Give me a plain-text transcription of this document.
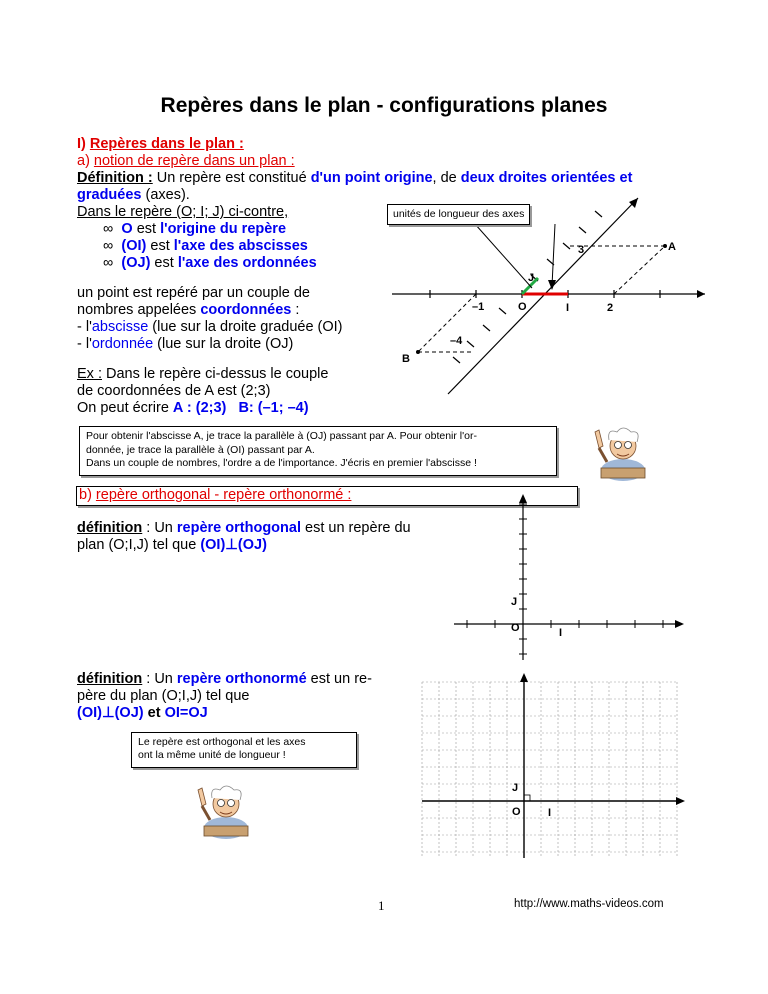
Repères dans le plan - configurations planes
I) Repères dans le plan :
a) notion de repère dans un plan :
Définition : Un repère est constitué d'un point origine, de deux droites orientées et
graduées (axes).
Dans le repère (O; I; J) ci-contre,
∞ O est l'origine du repère
∞ (OI) est l'axe des abscisses
∞ (OJ) est l'axe des ordonnées
un point est repéré par un couple de
nombres appelées coordonnées :
- l'abscisse (lue sur la droite graduée (OI)
- l'ordonnée (lue sur la droite (OJ)
Ex : Dans le repère ci-dessus le couple
de coordonnées de A est (2;3)
On peut écrire A : (2;3) B: (–1; –4)
3	A
J
–1	O	I	2
–4
B
unités de longueur des axes
Pour obtenir l'abscisse A, je trace la parallèle à (OJ) passant par A. Pour obtenir l'or-
donnée, je trace la parallèle à (OI) passant par A.
Dans un couple de nombres, l'ordre a de l'importance. J'écris en premier l'abscisse !
b) repère orthogonal - repère orthonormé :
définition : Un repère orthogonal est un repère du
plan (O;I,J) tel que (OI)⊥(OJ)
J
O	I
définition : Un repère orthonormé est un re-
père du plan (O;I,J) tel que
(OI)⊥(OJ) et OI=OJ
Le repère est orthogonal et les axes
ont la même unité de longueur !
J
O I
1	http://www.maths-videos.com
